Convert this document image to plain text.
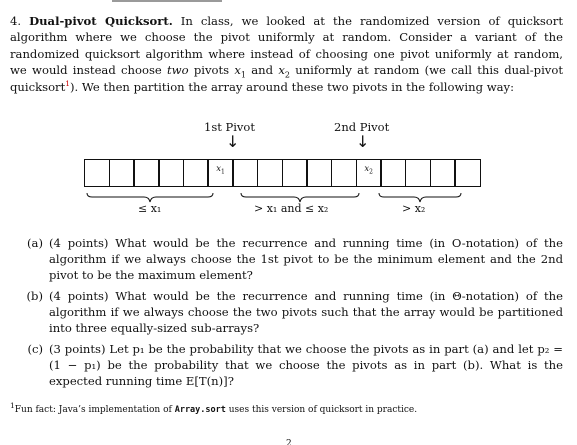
4. Dual-pivot Quicksort. In class, we looked at the randomized version of quicksort algorithm where we choose the pivot uniformly at random. Consider a variant of the randomized quicksort algorithm where instead of choosing one pivot uniformly at random, we would instead choose two pivots $x_1$ and $x_2$ uniformly at random (we call this dual-pivot quicksort$^1$). We then partition the array around these two pivots in the following way:
1st Pivot
↓
2nd Pivot
↓
$x_1$	$x_2$
≤ x₁	> x₁ and ≤ x₂	> x₂
(a) (4 points) What would be the recurrence and running time (in O-notation) of the algorithm if we always choose the 1st pivot to be the minimum element and the 2nd pivot to be the maximum element?
(b) (4 points) What would be the recurrence and running time (in Θ-notation) of the algorithm if we always choose the two pivots such that the array would be partitioned into three equally-sized sub-arrays?
(c) (3 points) Let p₁ be the probability that we choose the pivots as in part (a) and let p₂ = (1 − p₁) be the probability that we choose the pivots as in part (b). What is the expected running time E[T(n)]?
$^1$Fun fact: Java’s implementation of Array.sort uses this version of quicksort in practice.
2
